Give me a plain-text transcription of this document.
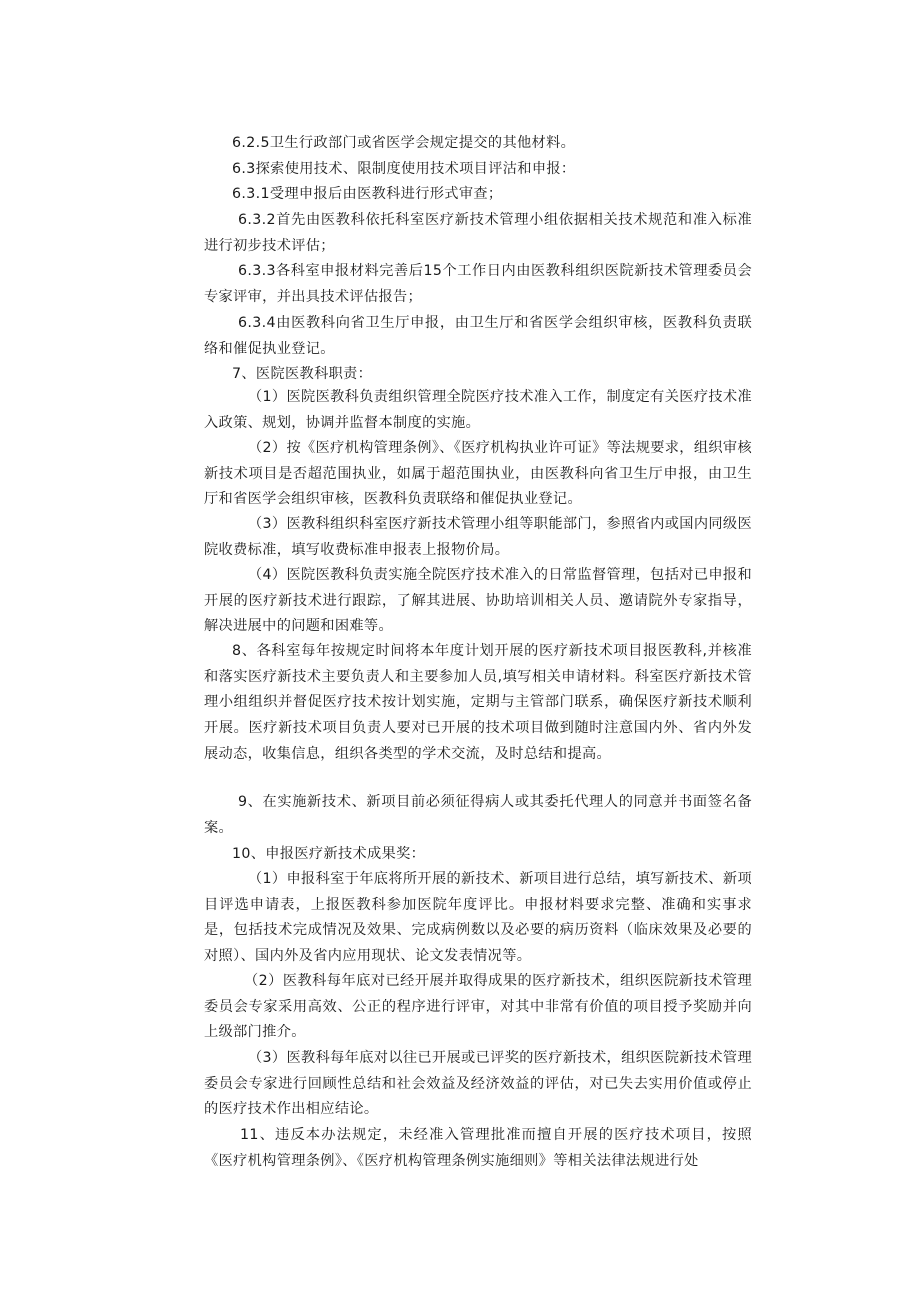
6.2.5卫生行政部门或省医学会规定提交的其他材料。

6.3探索使用技术、限制度使用技术项目评沽和申报：

6.3.1受理申报后由医教科进行形式审查；

6.3.2首先由医教科依托科室医疗新技术管理小组依据相关技术规范和准入标准进行初步技术评估；

6.3.3各科室申报材料完善后15个工作日内由医教科组织医院新技术管理委员会专家评审，并出具技术评估报告；

6.3.4由医教科向省卫生厅申报，由卫生厅和省医学会组织审核，医教科负责联络和催促执业登记。

7、医院医教科职责：

（1）医院医教科负责组织管理全院医疗技术准入工作，制度定有关医疗技术准入政策、规划，协调并监督本制度的实施。

（2）按《医疗机构管理条例》、《医疗机构执业许可证》等法规要求，组织审核新技术项目是否超范围执业，如属于超范围执业，由医教科向省卫生厅申报，由卫生厅和省医学会组织审核，医教科负责联络和催促执业登记。

（3）医教科组织科室医疗新技术管理小组等职能部门，参照省内或国内同级医院收费标准，填写收费标准申报表上报物价局。

（4）医院医教科负责实施全院医疗技术准入的日常监督管理，包括对已申报和开展的医疗新技术进行跟踪，了解其进展、协助培训相关人员、邀请院外专家指导，解决进展中的问题和困难等。

8、各科室每年按规定时间将本年度计划开展的医疗新技术项目报医教科,并核准和落实医疗新技术主要负责人和主要参加人员,填写相关申请材料。科室医疗新技术管理小组组织并督促医疗技术按计划实施，定期与主管部门联系，确保医疗新技术顺利开展。医疗新技术项目负责人要对已开展的技术项目做到随时注意国内外、省内外发展动态，收集信息，组织各类型的学术交流，及时总结和提高。

9、在实施新技术、新项目前必须征得病人或其委托代理人的同意并书面签名备案。

10、申报医疗新技术成果奖：

（1）申报科室于年底将所开展的新技术、新项目进行总结，填写新技术、新项目评选申请表，上报医教科参加医院年度评比。申报材料要求完整、准确和实事求是，包括技术完成情况及效果、完成病例数以及必要的病历资料（临床效果及必要的对照）、国内外及省内应用现状、论文发表情况等。

（2）医教科每年底对已经开展并取得成果的医疗新技术，组织医院新技术管理委员会专家采用高效、公正的程序进行评审，对其中非常有价值的项目授予奖励并向上级部门推介。

（3）医教科每年底对以往已开展或已评奖的医疗新技术，组织医院新技术管理委员会专家进行回顾性总结和社会效益及经济效益的评估，对已失去实用价值或停止的医疗技术作出相应结论。

11、违反本办法规定，未经准入管理批准而擅自开展的医疗技术项目，按照《医疗机构管理条例》、《医疗机构管理条例实施细则》等相关法律法规进行处
